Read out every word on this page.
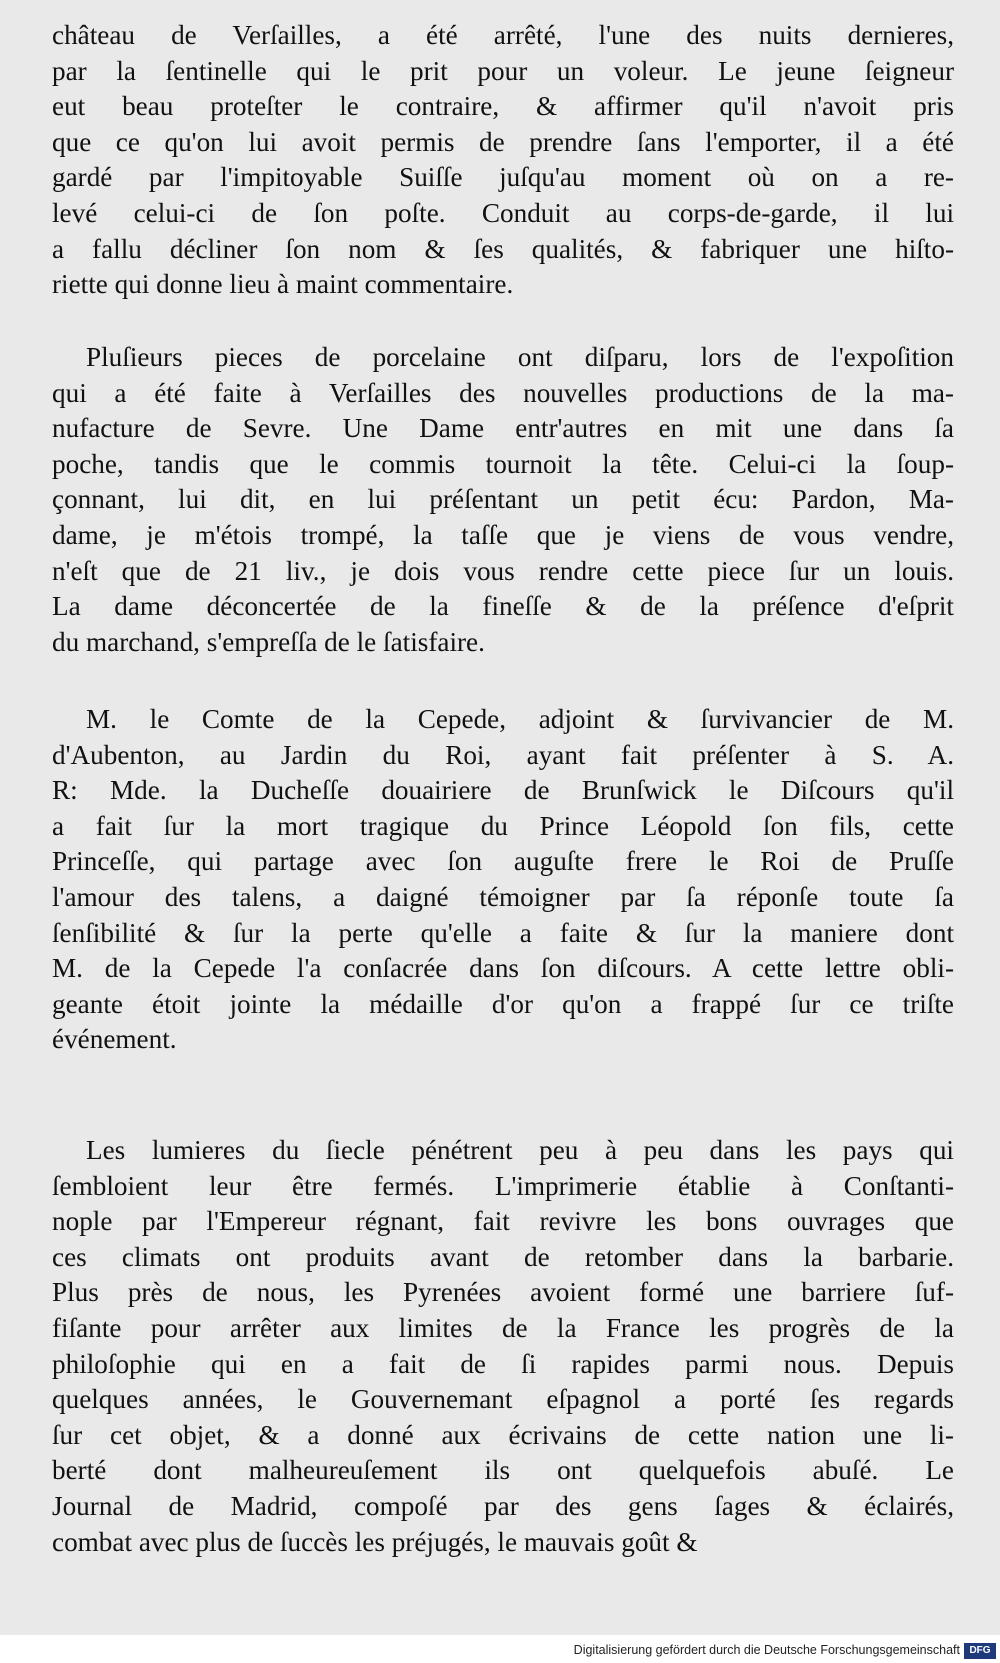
château de Verſailles, a été arrêté, l'une des nuits dernieres,
par la ſentinelle qui le prit pour un voleur. Le jeune ſeigneur
eut beau proteſter le contraire, & affirmer qu'il n'avoit pris
que ce qu'on lui avoit permis de prendre ſans l'emporter, il a été
gardé par l'impitoyable Suiſſe juſqu'au moment où on a re-
levé celui-ci de ſon poſte. Conduit au corps-de-garde, il lui
a fallu décliner ſon nom & ſes qualités, & fabriquer une hiſto-
riette qui donne lieu à maint commentaire.
Pluſieurs pieces de porcelaine ont diſparu, lors de l'expoſition
qui a été faite à Verſailles des nouvelles productions de la ma-
nufacture de Sevre. Une Dame entr'autres en mit une dans ſa
poche, tandis que le commis tournoit la tête. Celui-ci la ſoup-
çonnant, lui dit, en lui préſentant un petit écu: Pardon, Ma-
dame, je m'étois trompé, la taſſe que je viens de vous vendre,
n'eſt que de 21 liv., je dois vous rendre cette piece ſur un louis.
La dame déconcertée de la fineſſe & de la préſence d'eſprit
du marchand, s'empreſſa de le ſatisfaire.
M. le Comte de la Cepede, adjoint & ſurvivancier de M.
d'Aubenton, au Jardin du Roi, ayant fait préſenter à S. A.
R: Mde. la Ducheſſe douairiere de Brunſwick le Diſcours qu'il
a fait ſur la mort tragique du Prince Léopold ſon fils, cette
Princeſſe, qui partage avec ſon auguſte frere le Roi de Pruſſe
l'amour des talens, a daigné témoigner par ſa réponſe toute ſa
ſenſibilité & ſur la perte qu'elle a faite & ſur la maniere dont
M. de la Cepede l'a conſacrée dans ſon diſcours. A cette lettre obli-
geante étoit jointe la médaille d'or qu'on a frappé ſur ce triſte
événement.
Les lumieres du ſiecle pénétrent peu à peu dans les pays qui
ſembloient leur être fermés. L'imprimerie établie à Conſtanti-
nople par l'Empereur régnant, fait revivre les bons ouvrages que
ces climats ont produits avant de retomber dans la barbarie.
Plus près de nous, les Pyrenées avoient formé une barriere ſuf-
fiſante pour arrêter aux limites de la France les progrès de la
philoſophie qui en a fait de ſi rapides parmi nous. Depuis
quelques années, le Gouvernemant eſpagnol a porté ſes regards
ſur cet objet, & a donné aux écrivains de cette nation une li-
berté dont malheureuſement ils ont quelquefois abuſé. Le
Journal de Madrid, compoſé par des gens ſages & éclairés,
combat avec plus de ſuccès les préjugés, le mauvais goût &
Digitalisierung gefördert durch die Deutsche Forschungsgemeinschaft DFG
